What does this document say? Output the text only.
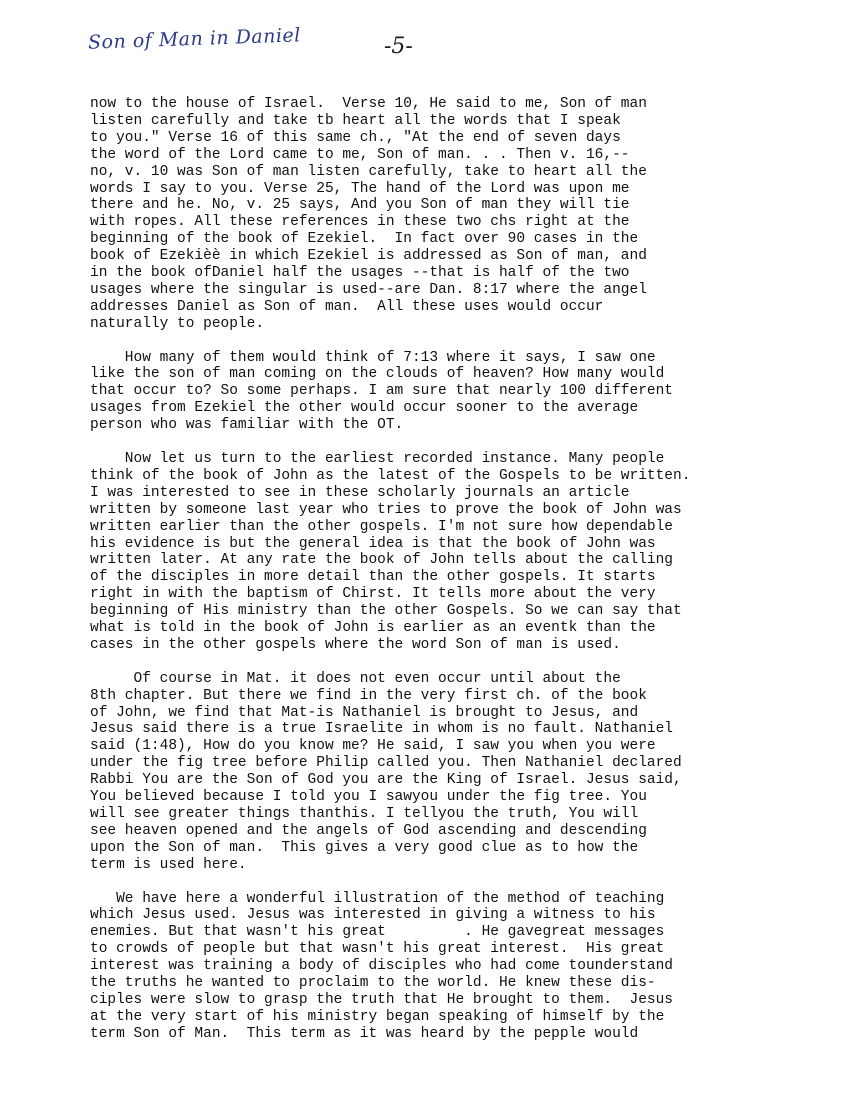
Son of Man in Daniel	-5-
now to the house of Israel.  Verse 10, He said to me, Son of man
listen carefully and take tb heart all the words that I speak
to you." Verse 16 of this same ch., "At the end of seven days
the word of the Lord came to me, Son of man. . . Then v. 16,--
no, v. 10 was Son of man listen carefully, take to heart all the
words I say to you. Verse 25, The hand of the Lord was upon me
there and he. No, v. 25 says, And you Son of man they will tie
with ropes. All these references in these two chs right at the
beginning of the book of Ezekiel.  In fact over 90 cases in the
book of Ezekièè in which Ezekiel is addressed as Son of man, and
in the book ofDaniel half the usages --that is half of the two
usages where the singular is used--are Dan. 8:17 where the angel
addresses Daniel as Son of man.  All these uses would occur
naturally to people.
How many of them would think of 7:13 where it says, I saw one
like the son of man coming on the clouds of heaven? How many would
that occur to? So some perhaps. I am sure that nearly 100 different
usages from Ezekiel the other would occur sooner to the average
person who was familiar with the OT.
Now let us turn to the earliest recorded instance. Many people
think of the book of John as the latest of the Gospels to be written.
I was interested to see in these scholarly journals an article
written by someone last year who tries to prove the book of John was
written earlier than the other gospels. I'm not sure how dependable
his evidence is but the general idea is that the book of John was
written later. At any rate the book of John tells about the calling
of the disciples in more detail than the other gospels. It starts
right in with the baptism of Chirst. It tells more about the very
beginning of His ministry than the other Gospels. So we can say that
what is told in the book of John is earlier as an eventk than the
cases in the other gospels where the word Son of man is used.
Of course in Mat. it does not even occur until about the
8th chapter. But there we find in the very first ch. of the book
of John, we find that Mat-is Nathaniel is brought to Jesus, and
Jesus said there is a true Israelite in whom is no fault. Nathaniel
said (1:48), How do you know me? He said, I saw you when you were
under the fig tree before Philip called you. Then Nathaniel declared
Rabbi You are the Son of God you are the King of Israel. Jesus said,
You believed because I told you I sawyou under the fig tree. You
will see greater things thanthis. I tellyou the truth, You will
see heaven opened and the angels of God ascending and descending
upon the Son of man.  This gives a very good clue as to how the
term is used here.
We have here a wonderful illustration of the method of teaching
which Jesus used. Jesus was interested in giving a witness to his
enemies. But that wasn't his great         . He gavegreat messages
to crowds of people but that wasn't his great interest.  His great
interest was training a body of disciples who had come tounderstand
the truths he wanted to proclaim to the world. He knew these dis-
ciples were slow to grasp the truth that He brought to them.  Jesus
at the very start of his ministry began speaking of himself by the
term Son of Man.  This term as it was heard by the pepple would
